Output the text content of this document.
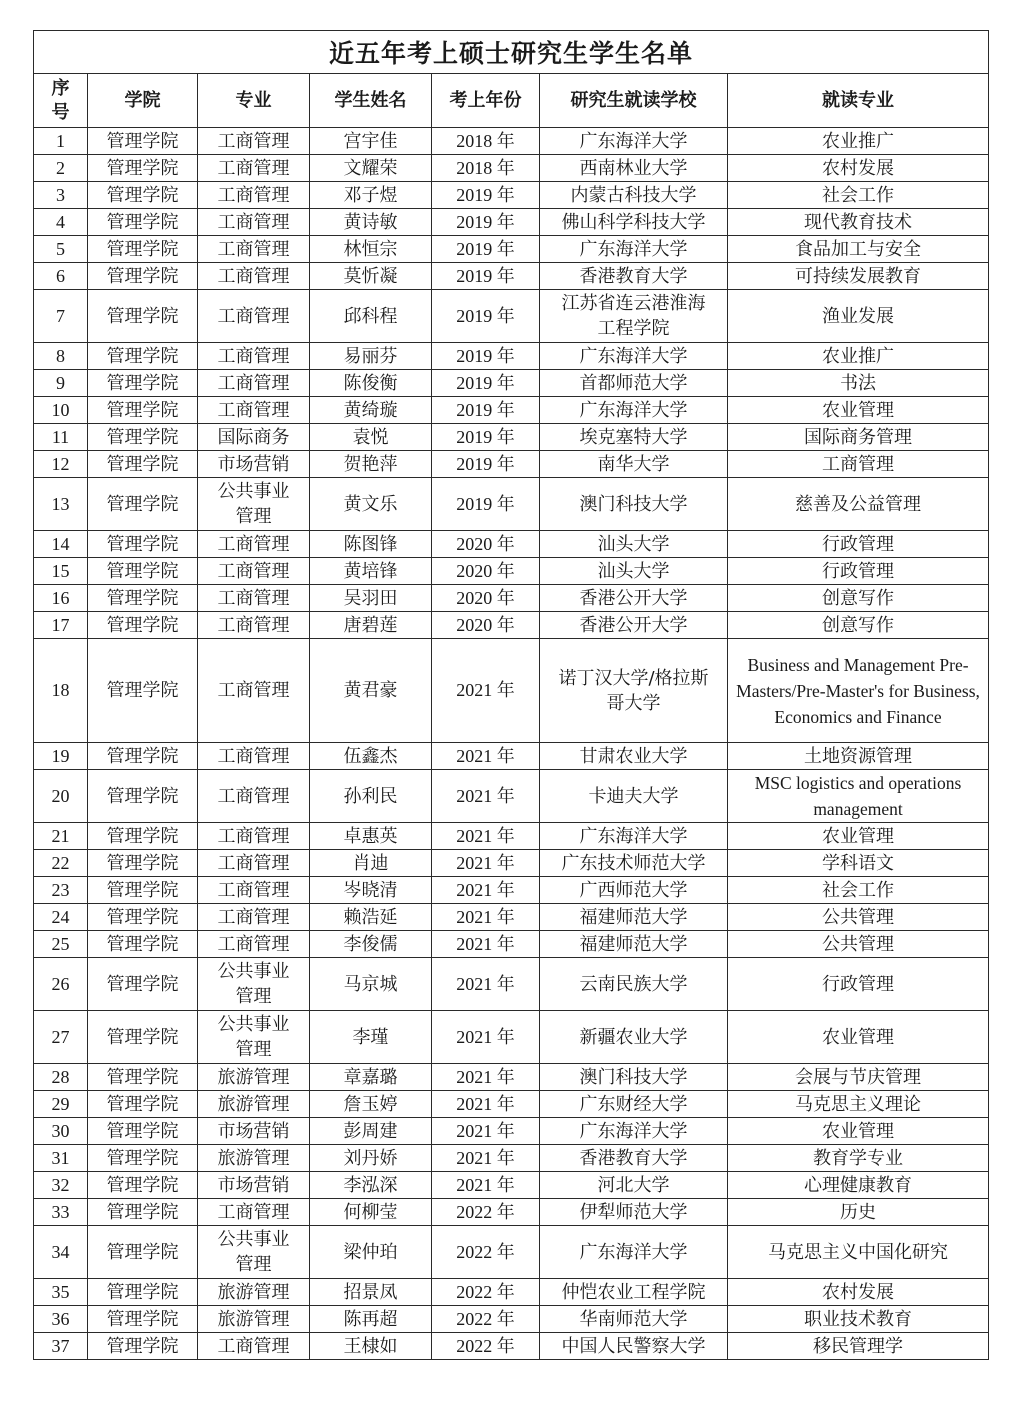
近五年考上硕士研究生学生名单						
序号	学院	专业	学生姓名	考上年份	研究生就读学校	就读专业
1	管理学院	工商管理	宫宇佳	2018 年	广东海洋大学	农业推广
2	管理学院	工商管理	文耀荣	2018 年	西南林业大学	农村发展
3	管理学院	工商管理	邓子煜	2019 年	内蒙古科技大学	社会工作
4	管理学院	工商管理	黄诗敏	2019 年	佛山科学科技大学	现代教育技术
5	管理学院	工商管理	林恒宗	2019 年	广东海洋大学	食品加工与安全
6	管理学院	工商管理	莫忻凝	2019 年	香港教育大学	可持续发展教育
7	管理学院	工商管理	邱科程	2019 年	江苏省连云港淮海工程学院	渔业发展
8	管理学院	工商管理	易丽芬	2019 年	广东海洋大学	农业推广
9	管理学院	工商管理	陈俊衡	2019 年	首都师范大学	书法
10	管理学院	工商管理	黄绮璇	2019 年	广东海洋大学	农业管理
11	管理学院	国际商务	袁悦	2019 年	埃克塞特大学	国际商务管理
12	管理学院	市场营销	贺艳萍	2019 年	南华大学	工商管理
13	管理学院	公共事业管理	黄文乐	2019 年	澳门科技大学	慈善及公益管理
14	管理学院	工商管理	陈图锋	2020 年	汕头大学	行政管理
15	管理学院	工商管理	黄培锋	2020 年	汕头大学	行政管理
16	管理学院	工商管理	吴羽田	2020 年	香港公开大学	创意写作
17	管理学院	工商管理	唐碧莲	2020 年	香港公开大学	创意写作
18	管理学院	工商管理	黄君豪	2021 年	诺丁汉大学/格拉斯哥大学	Business and Management Pre-Masters/Pre-Master's for Business, Economics and Finance
19	管理学院	工商管理	伍鑫杰	2021 年	甘肃农业大学	土地资源管理
20	管理学院	工商管理	孙利民	2021 年	卡迪夫大学	MSC logistics and operations management
21	管理学院	工商管理	卓惠英	2021 年	广东海洋大学	农业管理
22	管理学院	工商管理	肖迪	2021 年	广东技术师范大学	学科语文
23	管理学院	工商管理	岑晓清	2021 年	广西师范大学	社会工作
24	管理学院	工商管理	赖浩延	2021 年	福建师范大学	公共管理
25	管理学院	工商管理	李俊儒	2021 年	福建师范大学	公共管理
26	管理学院	公共事业管理	马京城	2021 年	云南民族大学	行政管理
27	管理学院	公共事业管理	李瑾	2021 年	新疆农业大学	农业管理
28	管理学院	旅游管理	章嘉璐	2021 年	澳门科技大学	会展与节庆管理
29	管理学院	旅游管理	詹玉婷	2021 年	广东财经大学	马克思主义理论
30	管理学院	市场营销	彭周建	2021 年	广东海洋大学	农业管理
31	管理学院	旅游管理	刘丹娇	2021 年	香港教育大学	教育学专业
32	管理学院	市场营销	李泓深	2021 年	河北大学	心理健康教育
33	管理学院	工商管理	何柳莹	2022 年	伊犁师范大学	历史
34	管理学院	公共事业管理	梁仲珀	2022 年	广东海洋大学	马克思主义中国化研究
35	管理学院	旅游管理	招景凤	2022 年	仲恺农业工程学院	农村发展
36	管理学院	旅游管理	陈再超	2022 年	华南师范大学	职业技术教育
37	管理学院	工商管理	王棣如	2022 年	中国人民警察大学	移民管理学
